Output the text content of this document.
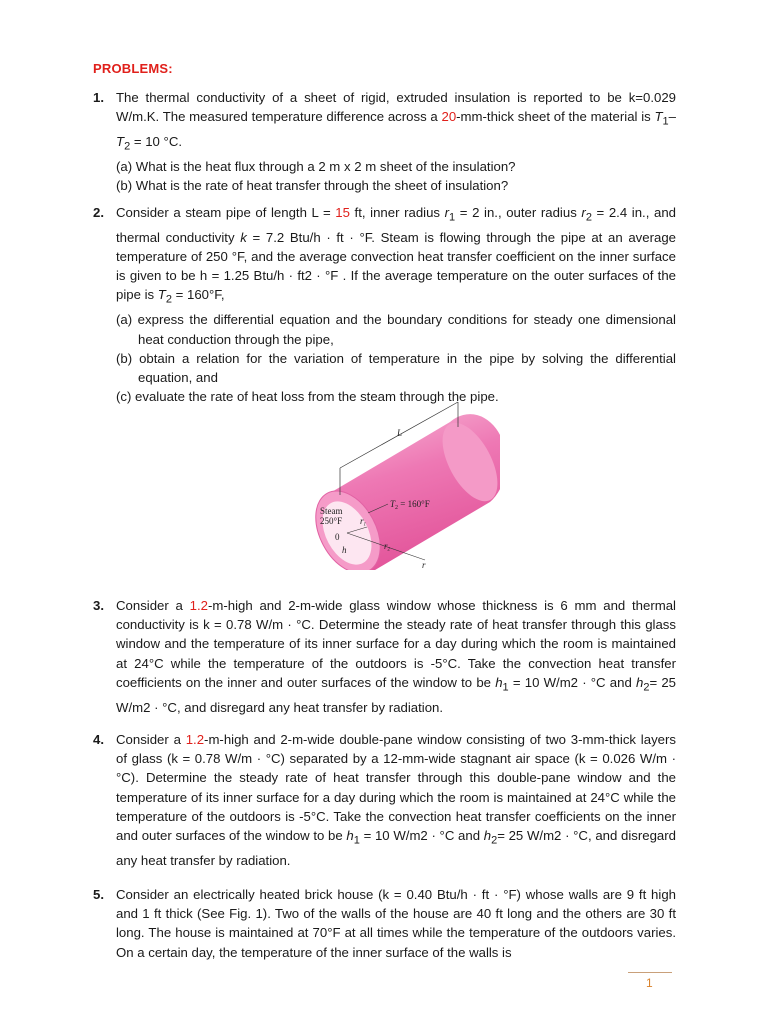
PROBLEMS:
1. The thermal conductivity of a sheet of rigid, extruded insulation is reported to be k=0.029 W/m.K. The measured temperature difference across a 20-mm-thick sheet of the material is $T_1-$ $T_2 = 10$ °C.

(a) What is the heat flux through a 2 m x 2 m sheet of the insulation?

(b) What is the rate of heat transfer through the sheet of insulation?

2. Consider a steam pipe of length L = 15 ft, inner radius $r_1 = 2$ in., outer radius $r_2 = 2.4$ in., and thermal conductivity k = 7.2 Btu/h · ft · °F. Steam is flowing through the pipe at an average temperature of 250 °F, and the average convection heat transfer coefficient on the inner surface is given to be h = 1.25 Btu/h · ft2 · °F . If the average temperature on the outer surfaces of the pipe is $T_2 = 160^\circ F$,

(a) express the differential equation and the boundary conditions for steady one dimensional heat conduction through the pipe,

(b) obtain a relation for the variation of temperature in the pipe by solving the differential equation, and

(c) evaluate the rate of heat loss from the steam through the pipe.

L
$T_2 = 160^\circ F$
Steam
250°F
0
h
r1
r2
r
3. Consider a 1.2-m-high and 2-m-wide glass window whose thickness is 6 mm and thermal conductivity is k = 0.78 W/m · °C. Determine the steady rate of heat transfer through this glass window and the temperature of its inner surface for a day during which the room is maintained at 24°C while the temperature of the outdoors is -5°C. Take the convection heat transfer coefficients on the inner and outer surfaces of the window to be $h_1 = 10$ W/m2 · °C and $h_2= 25$ W/m2 · °C, and disregard any heat transfer by radiation.

4. Consider a 1.2-m-high and 2-m-wide double-pane window consisting of two 3-mm-thick layers of glass (k = 0.78 W/m · °C) separated by a 12-mm-wide stagnant air space (k = 0.026 W/m · °C). Determine the steady rate of heat transfer through this double-pane window and the temperature of its inner surface for a day during which the room is maintained at 24°C while the temperature of the outdoors is -5°C. Take the convection heat transfer coefficients on the inner and outer surfaces of the window to be $h_1 = 10$ W/m2 · °C and $h_2= 25$ W/m2 · °C, and disregard any heat transfer by radiation.

5. Consider an electrically heated brick house (k = 0.40 Btu/h · ft · °F) whose walls are 9 ft high and 1 ft thick (See Fig. 1). Two of the walls of the house are 40 ft long and the others are 30 ft long. The house is maintained at 70°F at all times while the temperature of the outdoors varies. On a certain day, the temperature of the inner surface of the walls is

1
